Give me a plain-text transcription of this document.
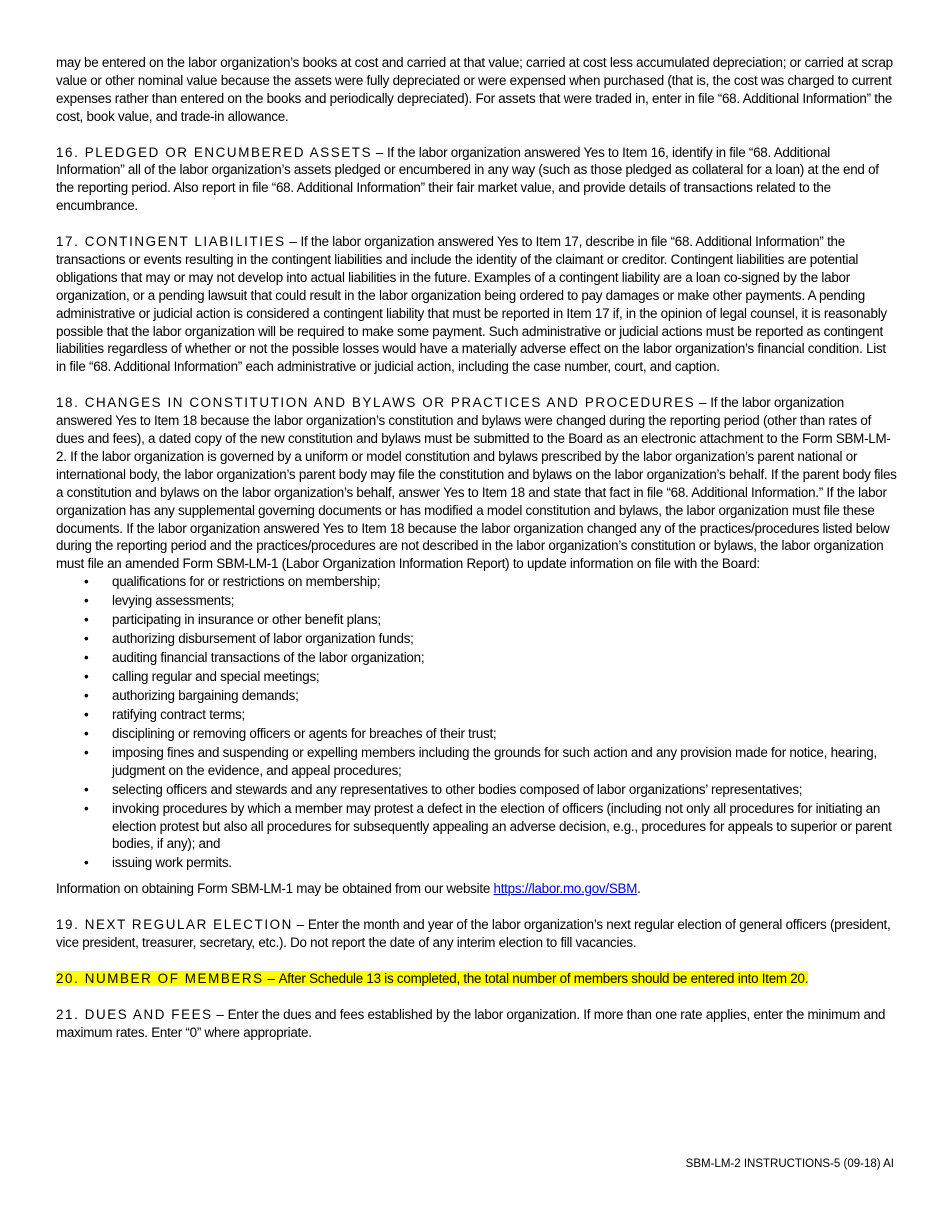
may be entered on the labor organization’s books at cost and carried at that value; carried at cost less accumulated depreciation; or carried at scrap value or other nominal value because the assets were fully depreciated or were expensed when purchased (that is, the cost was charged to current expenses rather than entered on the books and periodically depreciated). For assets that were traded in, enter in file “68. Additional Information” the cost, book value, and trade-in allowance.

16. PLEDGED OR ENCUMBERED ASSETS – If the labor organization answered Yes to Item 16, identify in file “68. Additional Information” all of the labor organization’s assets pledged or encumbered in any way (such as those pledged as collateral for a loan) at the end of the reporting period. Also report in file “68. Additional Information” their fair market value, and provide details of transactions related to the encumbrance.

17. CONTINGENT LIABILITIES – If the labor organization answered Yes to Item 17, describe in file “68. Additional Information” the transactions or events resulting in the contingent liabilities and include the identity of the claimant or creditor. Contingent liabilities are potential obligations that may or may not develop into actual liabilities in the future. Examples of a contingent liability are a loan co-signed by the labor organization, or a pending lawsuit that could result in the labor organization being ordered to pay damages or make other payments. A pending administrative or judicial action is considered a contingent liability that must be reported in Item 17 if, in the opinion of legal counsel, it is reasonably possible that the labor organization will be required to make some payment. Such administrative or judicial actions must be reported as contingent liabilities regardless of whether or not the possible losses would have a materially adverse effect on the labor organization’s financial condition. List in file “68. Additional Information” each administrative or judicial action, including the case number, court, and caption.

18. CHANGES IN CONSTITUTION AND BYLAWS OR PRACTICES AND PROCEDURES – If the labor organization answered Yes to Item 18 because the labor organization’s constitution and bylaws were changed during the reporting period (other than rates of dues and fees), a dated copy of the new constitution and bylaws must be submitted to the Board as an electronic attachment to the Form SBM-LM-2. If the labor organization is governed by a uniform or model constitution and bylaws prescribed by the labor organization’s parent national or international body, the labor organization’s parent body may file the constitution and bylaws on the labor organization’s behalf. If the parent body files a constitution and bylaws on the labor organization’s behalf, answer Yes to Item 18 and state that fact in file “68. Additional Information.” If the labor organization has any supplemental governing documents or has modified a model constitution and bylaws, the labor organization must file these documents. If the labor organization answered Yes to Item 18 because the labor organization changed any of the practices/procedures listed below during the reporting period and the practices/procedures are not described in the labor organization’s constitution or bylaws, the labor organization must file an amended Form SBM-LM-1 (Labor Organization Information Report) to update information on file with the Board:

• qualifications for or restrictions on membership;
• levying assessments;
• participating in insurance or other benefit plans;
• authorizing disbursement of labor organization funds;
• auditing financial transactions of the labor organization;
• calling regular and special meetings;
• authorizing bargaining demands;
• ratifying contract terms;
• disciplining or removing officers or agents for breaches of their trust;
• imposing fines and suspending or expelling members including the grounds for such action and any provision made for notice, hearing, judgment on the evidence, and appeal procedures;
• selecting officers and stewards and any representatives to other bodies composed of labor organizations’ representatives;
• invoking procedures by which a member may protest a defect in the election of officers (including not only all procedures for initiating an election protest but also all procedures for subsequently appealing an adverse decision, e.g., procedures for appeals to superior or parent bodies, if any); and
• issuing work permits.

Information on obtaining Form SBM-LM-1 may be obtained from our website https://labor.mo.gov/SBM.

19. NEXT REGULAR ELECTION – Enter the month and year of the labor organization’s next regular election of general officers (president, vice president, treasurer, secretary, etc.). Do not report the date of any interim election to fill vacancies.

20. NUMBER OF MEMBERS – After Schedule 13 is completed, the total number of members should be entered into Item 20.

21. DUES AND FEES – Enter the dues and fees established by the labor organization. If more than one rate applies, enter the minimum and maximum rates. Enter “0” where appropriate.

SBM-LM-2 INSTRUCTIONS-5 (09-18) AI
